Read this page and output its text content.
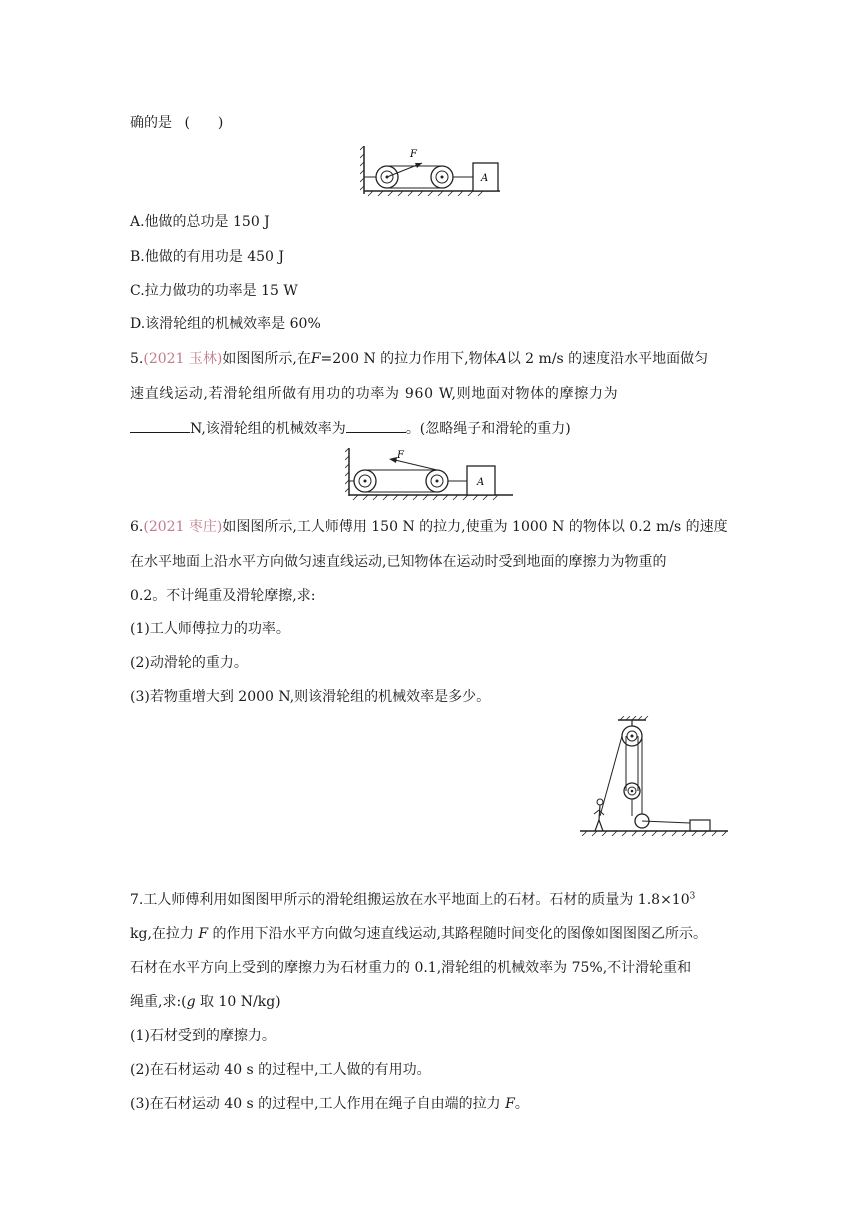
确的是 (　　)
F
A
A.他做的总功是 150 J
B.他做的有用功是 450 J
C.拉力做功的功率是 15 W
D.该滑轮组的机械效率是 60%
5.(2021 玉林)如图图所示,在F=200 N 的拉力作用下,物体A以 2 m/s 的速度沿水平地面做匀
速直线运动,若滑轮组所做有用功的功率为 960 W,则地面对物体的摩擦力为
N,该滑轮组的机械效率为	。(忽略绳子和滑轮的重力)
F
A
6.(2021 枣庄)如图图所示,工人师傅用 150 N 的拉力,使重为 1000 N 的物体以 0.2 m/s 的速度
在水平地面上沿水平方向做匀速直线运动,已知物体在运动时受到地面的摩擦力为物重的
0.2。不计绳重及滑轮摩擦,求:
(1)工人师傅拉力的功率。
(2)动滑轮的重力。
(3)若物重增大到 2000 N,则该滑轮组的机械效率是多少。
7.工人师傅利用如图图甲所示的滑轮组搬运放在水平地面上的石材。石材的质量为 $1.8\times 10^3$
kg,在拉力 F 的作用下沿水平方向做匀速直线运动,其路程随时间变化的图像如图图图乙所示。
石材在水平方向上受到的摩擦力为石材重力的 0.1,滑轮组的机械效率为 75%,不计滑轮重和
绳重,求:(g 取 10 N/kg)
(1)石材受到的摩擦力。
(2)在石材运动 40 s 的过程中,工人做的有用功。
(3)在石材运动 40 s 的过程中,工人作用在绳子自由端的拉力 F。
